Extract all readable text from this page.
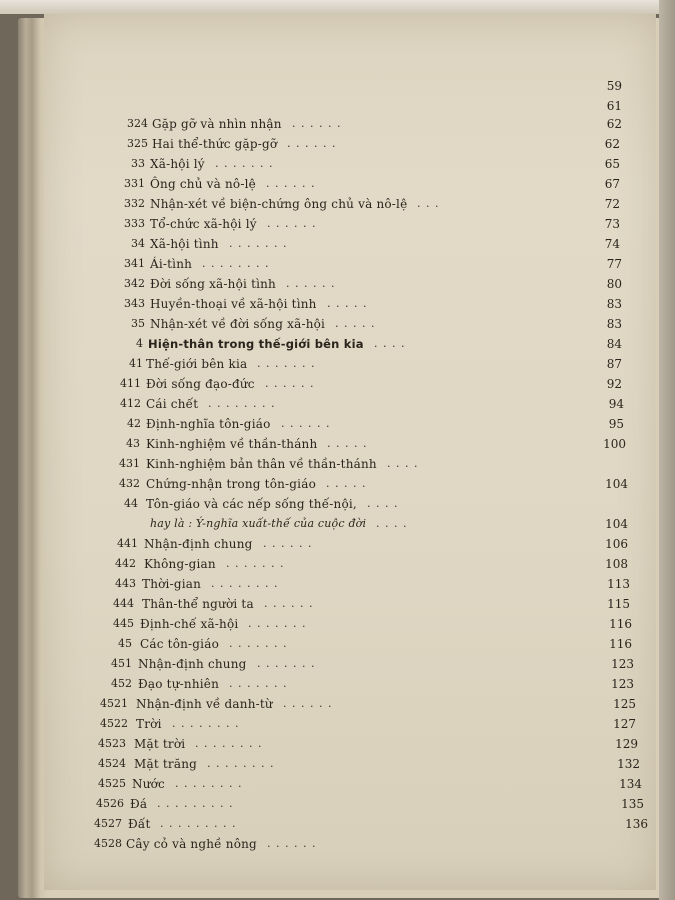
59
61
324 Gặp gỡ và nhìn nhận . . . . . .	62
325 Hai thể-thức gặp-gỡ . . . . . .	62
33 Xã-hội lý . . . . . . .	65
331 Ông chủ và nô-lệ . . . . . .	67
332 Nhận-xét về biện-chứng ông chủ và nô-lệ . . .	72
333 Tổ-chức xã-hội lý . . . . . .	73
34 Xã-hội tình . . . . . . .	74
341 Ái-tình . . . . . . . .	77
342 Đời sống xã-hội tình . . . . . .	80
343 Huyền-thoại về xã-hội tình . . . . .	83
35 Nhận-xét về đời sống xã-hội . . . . .	83
4 Hiện-thân trong thế-giới bên kia . . . .	84
41 Thế-giới bên kia . . . . . . .	87
411 Đời sống đạo-đức . . . . . .	92
412 Cái chết . . . . . . . .	94
42 Định-nghĩa tôn-giáo . . . . . .	95
43 Kinh-nghiệm về thần-thánh . . . . .	100
431 Kinh-nghiệm bản thân về thần-thánh . . . .
432 Chứng-nhận trong tôn-giáo . . . . .	104
44 Tôn-giáo và các nếp sống thế-nội, . . . .
hay là : Ý-nghĩa xuất-thế của cuộc đời . . . .	104
441 Nhận-định chung . . . . . .	106
442 Không-gian . . . . . . .	108
443 Thời-gian . . . . . . . .	113
444 Thân-thể người ta . . . . . .	115
445 Định-chế xã-hội . . . . . . .	116
45 Các tôn-giáo . . . . . . .	116
451 Nhận-định chung . . . . . . .	123
452 Đạo tự-nhiên . . . . . . .	123
4521 Nhận-định về danh-từ . . . . . .	125
4522 Trời . . . . . . . .	127
4523 Mặt trời . . . . . . . .	129
4524 Mặt trăng . . . . . . . .	132
4525 Nước . . . . . . . .	134
4526 Đá . . . . . . . . .	135
4527 Đất . . . . . . . . .	136
4528 Cây cỏ và nghề nông . . . . . .
